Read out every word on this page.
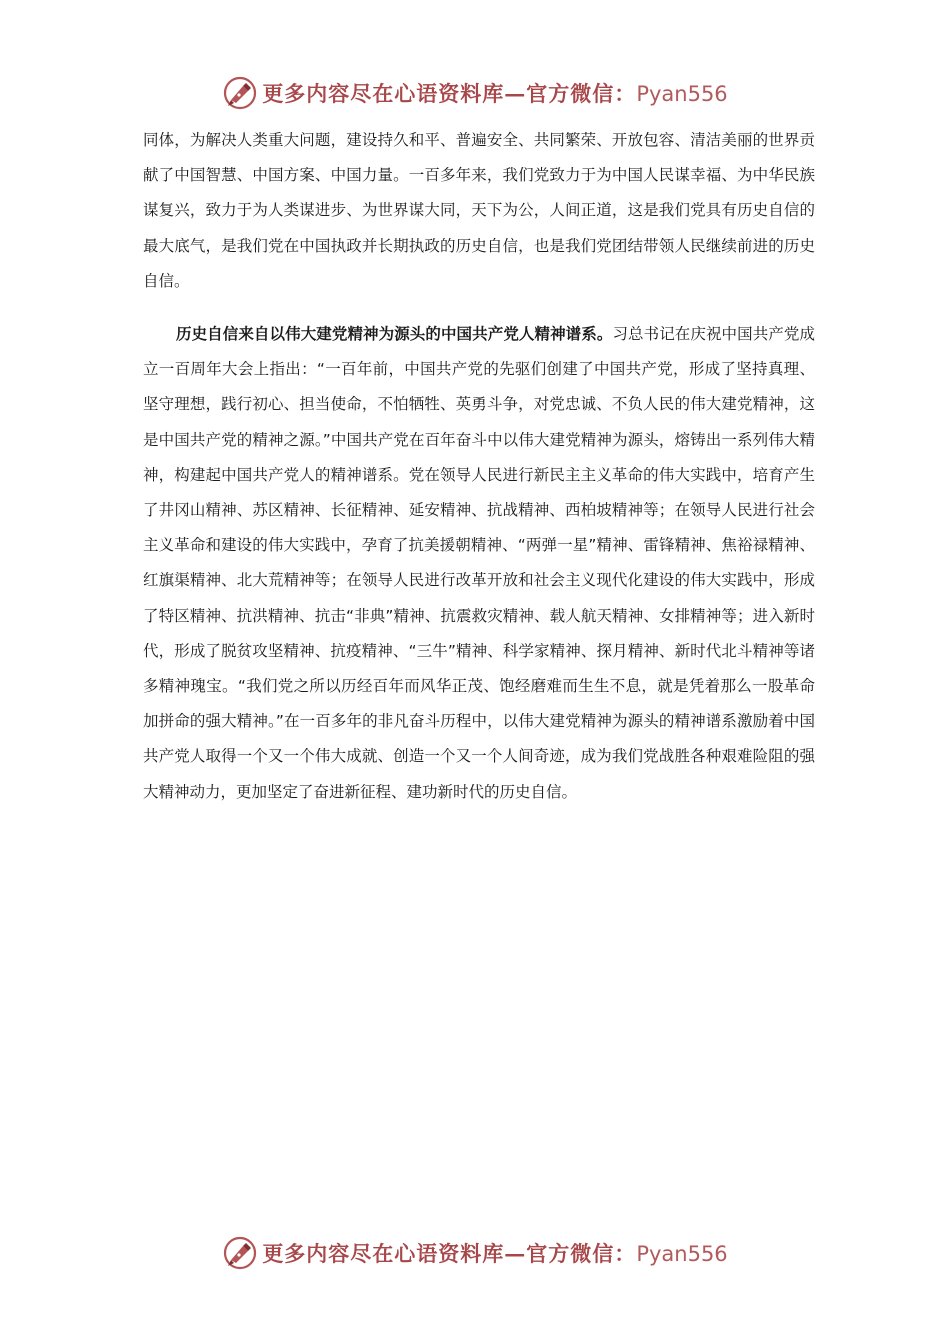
更多内容尽在心语资料库—官方微信：Pyan556
同体，为解决人类重大问题，建设持久和平、普遍安全、共同繁荣、开放包容、清洁美丽的世界贡献了中国智慧、中国方案、中国力量。一百多年来，我们党致力于为中国人民谋幸福、为中华民族谋复兴，致力于为人类谋进步、为世界谋大同，天下为公，人间正道，这是我们党具有历史自信的最大底气，是我们党在中国执政并长期执政的历史自信，也是我们党团结带领人民继续前进的历史自信。
历史自信来自以伟大建党精神为源头的中国共产党人精神谱系。习总书记在庆祝中国共产党成立一百周年大会上指出：“一百年前，中国共产党的先驱们创建了中国共产党，形成了坚持真理、坚守理想，践行初心、担当使命，不怕牺牲、英勇斗争，对党忠诚、不负人民的伟大建党精神，这是中国共产党的精神之源。”中国共产党在百年奋斗中以伟大建党精神为源头，熔铸出一系列伟大精神，构建起中国共产党人的精神谱系。党在领导人民进行新民主主义革命的伟大实践中，培育产生了井冈山精神、苏区精神、长征精神、延安精神、抗战精神、西柏坡精神等；在领导人民进行社会主义革命和建设的伟大实践中，孕育了抗美援朝精神、“两弹一星”精神、雷锋精神、焦裕禄精神、红旗渠精神、北大荒精神等；在领导人民进行改革开放和社会主义现代化建设的伟大实践中，形成了特区精神、抗洪精神、抗击“非典”精神、抗震救灾精神、载人航天精神、女排精神等；进入新时代，形成了脱贫攻坚精神、抗疫精神、“三牛”精神、科学家精神、探月精神、新时代北斗精神等诸多精神瑰宝。“我们党之所以历经百年而风华正茂、饱经磨难而生生不息，就是凭着那么一股革命加拼命的强大精神。”在一百多年的非凡奋斗历程中，以伟大建党精神为源头的精神谱系激励着中国共产党人取得一个又一个伟大成就、创造一个又一个人间奇迹，成为我们党战胜各种艰难险阻的强大精神动力，更加坚定了奋进新征程、建功新时代的历史自信。
更多内容尽在心语资料库—官方微信：Pyan556
